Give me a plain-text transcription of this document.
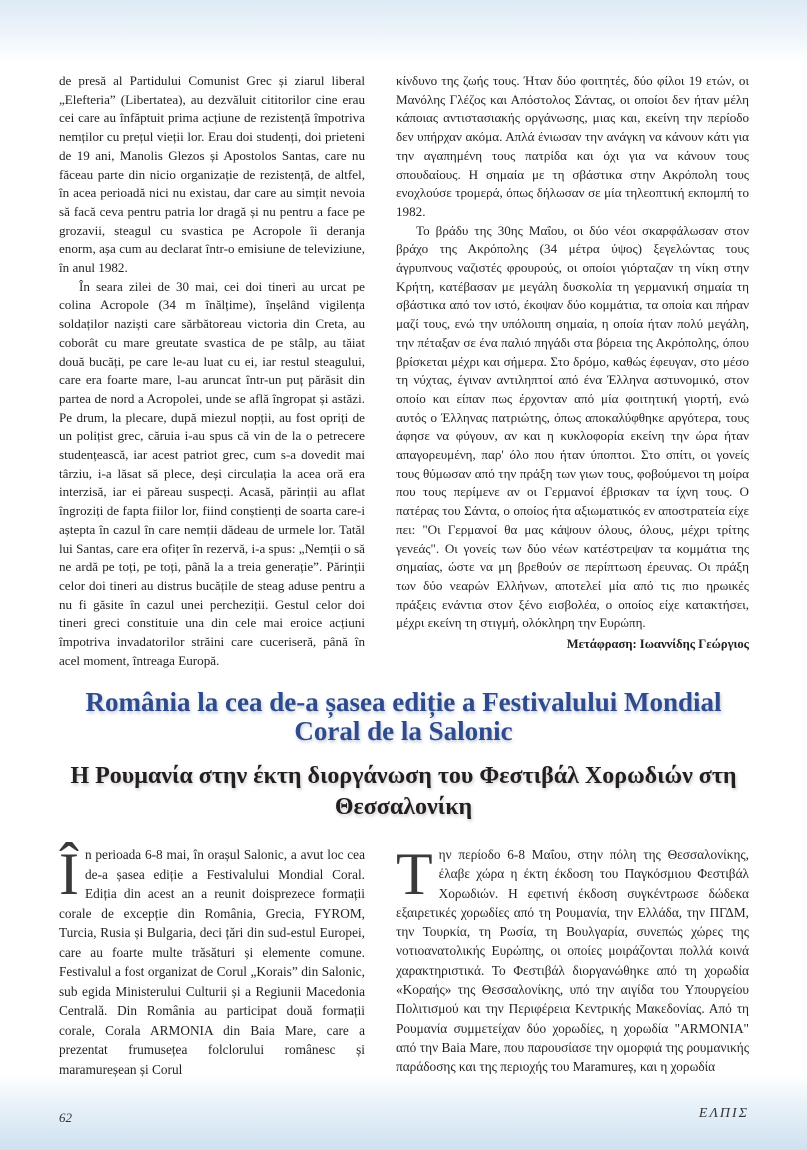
de presă al Partidului Comunist Grec și ziarul liberal „Elefteria” (Libertatea), au dezvăluit cititorilor cine erau cei care au înfăptuit prima acțiune de rezistență împotriva nemților cu prețul vieții lor. Erau doi studenți, doi prieteni de 19 ani, Manolis Glezos și Apostolos Santas, care nu făceau parte din nicio organizație de rezistență, de altfel, în acea perioadă nici nu existau, dar care au simțit nevoia să facă ceva pentru patria lor dragă și nu pentru a face pe grozavii, steagul cu svastica pe Acropole îi deranja enorm, așa cum au declarat într-o emisiune de televiziune, în anul 1982.

În seara zilei de 30 mai, cei doi tineri au urcat pe colina Acropole (34 m înălțime), înșelând vigilența soldaților naziști care sărbătoreau victoria din Creta, au coborât cu mare greutate svastica de pe stâlp, au tăiat două bucăți, pe care le-au luat cu ei, iar restul steagului, care era foarte mare, l-au aruncat într-un puț părăsit din partea de nord a Acropolei, unde se află îngropat și astăzi. Pe drum, la plecare, după miezul nopții, au fost opriți de un polițist grec, căruia i-au spus că vin de la o petrecere studențească, iar acest patriot grec, cum s-a dovedit mai târziu, i-a lăsat să plece, deși circulația la acea oră era interzisă, iar ei păreau suspecți. Acasă, părinții au aflat îngroziți de fapta fiilor lor, fiind conștienți de soarta care-i aștepta în cazul în care nemții dădeau de urmele lor. Tatăl lui Santas, care era ofițer în rezervă, i-a spus: „Nemții o să ne ardă pe toți, pe toți, până la a treia generație”. Părinții celor doi tineri au distrus bucățile de steag aduse pentru a nu fi găsite în cazul unei percheziții. Gestul celor doi tineri greci constituie una din cele mai eroice acțiuni împotriva invadatorilor străini care cuceriseră, până în acel moment, întreaga Europă.

κίνδυνο της ζωής τους. Ήταν δύο φοιτητές, δύο φίλοι 19 ετών, οι Μανόλης Γλέζος και Απόστολος Σάντας, οι οποίοι δεν ήταν μέλη κάποιας αντιστασιακής οργάνωσης, μιας και, εκείνη την περίοδο δεν υπήρχαν ακόμα. Απλά ένιωσαν την ανάγκη να κάνουν κάτι για την αγαπημένη τους πατρίδα και όχι για να κάνουν τους σπουδαίους. Η σημαία με τη σβάστικα στην Ακρόπολη τους ενοχλούσε τρομερά, όπως δήλωσαν σε μία τηλεοπτική εκπομπή το 1982.

Το βράδυ της 30ης Μαΐου, οι δύο νέοι σκαρφάλωσαν στον βράχο της Ακρόπολης (34 μέτρα ύψος) ξεγελώντας τους άγρυπνους ναζιστές φρουρούς, οι οποίοι γιόρταζαν τη νίκη στην Κρήτη, κατέβασαν με μεγάλη δυσκολία τη γερμανική σημαία τη σβάστικα από τον ιστό, έκοψαν δύο κομμάτια, τα οποία και πήραν μαζί τους, ενώ την υπόλοιπη σημαία, η οποία ήταν πολύ μεγάλη, την πέταξαν σε ένα παλιό πηγάδι στα βόρεια της Ακρόπολης, όπου βρίσκεται μέχρι και σήμερα. Στο δρόμο, καθώς έφευγαν, στο μέσο τη νύχτας, έγιναν αντιληπτοί από ένα Έλληνα αστυνομικό, στον οποίο και είπαν πως έρχονταν από μία φοιτητική γιορτή, ενώ αυτός ο Έλληνας πατριώτης, όπως αποκαλύφθηκε αργότερα, τους άφησε να φύγουν, αν και η κυκλοφορία εκείνη την ώρα ήταν απαγορευμένη, παρ' όλο που ήταν ύποπτοι. Στο σπίτι, οι γονείς τους θύμωσαν από την πράξη των γιων τους, φοβούμενοι τη μοίρα που τους περίμενε αν οι Γερμανοί έβρισκαν τα ίχνη τους. Ο πατέρας του Σάντα, ο οποίος ήτα αξιωματικός εν αποστρατεία είχε πει: "Οι Γερμανοί θα μας κάψουν όλους, όλους, μέχρι τρίτης γενεάς". Οι γονείς των δύο νέων κατέστρεψαν τα κομμάτια της σημαίας, ώστε να μη βρεθούν σε περίπτωση έρευνας. Οι πράξη των δύο νεαρών Ελλήνων, αποτελεί μία από τις πιο ηρωικές πράξεις ενάντια στον ξένο εισβολέα, ο οποίος είχε κατακτήσει, μέχρι εκείνη τη στιγμή, ολόκληρη την Ευρώπη.

Μετάφραση: Ιωαννίδης Γεώργιος

România la cea de-a șasea ediție a Festivalului Mondial Coral de la Salonic
Η Ρουμανία στην έκτη διοργάνωση του Φεστιβάλ Χορωδιών στη Θεσσαλονίκη
În perioada 6-8 mai, în orașul Salonic, a avut loc cea de-a șasea ediție a Festivalului Mondial Coral. Ediția din acest an a reunit doisprezece formații corale de excepție din România, Grecia, FYROM, Turcia, Rusia și Bulgaria, deci țări din sud-estul Europei, care au foarte multe trăsături și elemente comune. Festivalul a fost organizat de Corul „Korais” din Salonic, sub egida Ministerului Culturii și a Regiunii Macedonia Centrală. Din România au participat două formații corale, Corala ARMONIA din Baia Mare, care a prezentat frumusețea folclorului românesc și maramureșean și Corul
Την περίοδο 6-8 Μαΐου, στην πόλη της Θεσσαλονίκης, έλαβε χώρα η έκτη έκδοση του Παγκόσμιου Φεστιβάλ Χορωδιών. Η εφετινή έκδοση συγκέντρωσε δώδεκα εξαιρετικές χορωδίες από τη Ρουμανία, την Ελλάδα, την ΠΓΔΜ, την Τουρκία, τη Ρωσία, τη Βουλγαρία, συνεπώς χώρες της νοτιοανατολικής Ευρώπης, οι οποίες μοιράζονται πολλά κοινά χαρακτηριστικά. Το Φεστιβάλ διοργανώθηκε από τη χορωδία «Κοραής» της Θεσσαλονίκης, υπό την αιγίδα του Υπουργείου Πολιτισμού και την Περιφέρεια Κεντρικής Μακεδονίας. Από τη Ρουμανία συμμετείχαν δύο χορωδίες, η χορωδία "ARMONIA" από την Baia Mare, που παρουσίασε την ομορφιά της ρουμανικής παράδοσης και της περιοχής του Maramureș, και η χορωδία
62	ΕΛΠΙΣ
